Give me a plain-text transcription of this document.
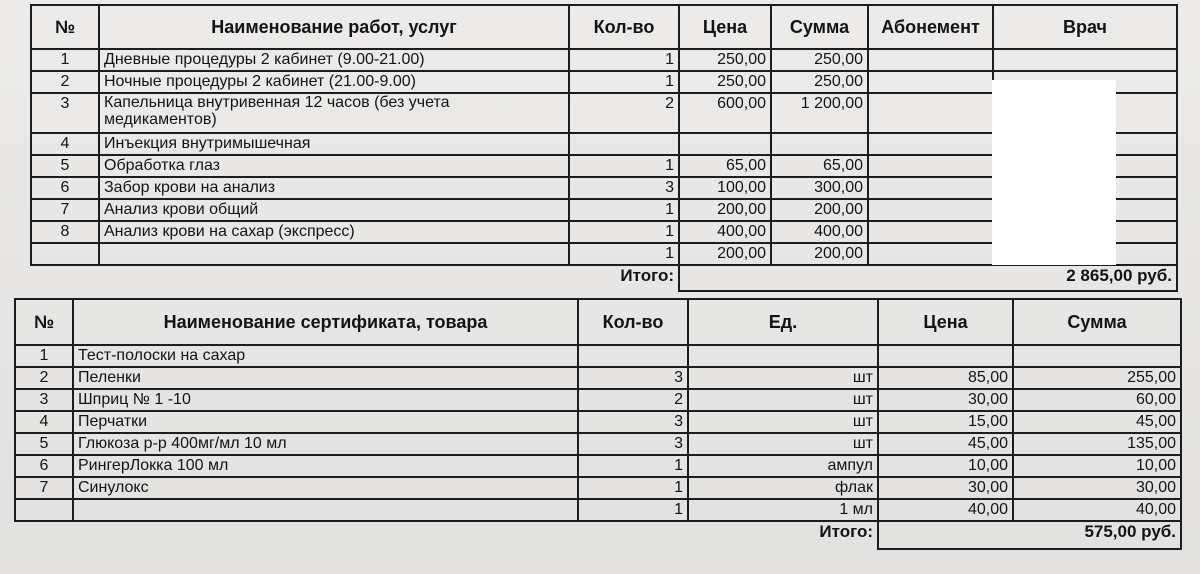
№	Наименование работ, услуг	Кол-во	Цена	Сумма	Абонемент	Врач
1	Дневные процедуры 2 кабинет (9.00-21.00)	1	250,00	250,00		
2	Ночные процедуры 2 кабинет (21.00-9.00)	1	250,00	250,00		
3	Капельница внутривенная 12 часов (без учета медикаментов)	2	600,00	1 200,00		
4	Инъекция внутримышечная					
5	Обработка глаз	1	65,00	65,00		
6	Забор крови на анализ	3	100,00	300,00		
7	Анализ крови общий	1	200,00	200,00		
8	Анализ крови на сахар (экспресс)	1	400,00	400,00		
		1	200,00	200,00		
		Итого:	2 865,00 руб.			
№	Наименование сертификата, товара	Кол-во	Ед.	Цена	Сумма
1	Тест-полоски на сахар				
2	Пеленки	3	шт	85,00	255,00
3	Шприц № 1 -10	2	шт	30,00	60,00
4	Перчатки	3	шт	15,00	45,00
5	Глюкоза р-р 400мг/мл 10 мл	3	шт	45,00	135,00
6	РингерЛокка 100 мл	1	ампул	10,00	10,00
7	Синулокс	1	флак	30,00	30,00
		1	1 мл	40,00	40,00
			Итого:	575,00 руб.	
